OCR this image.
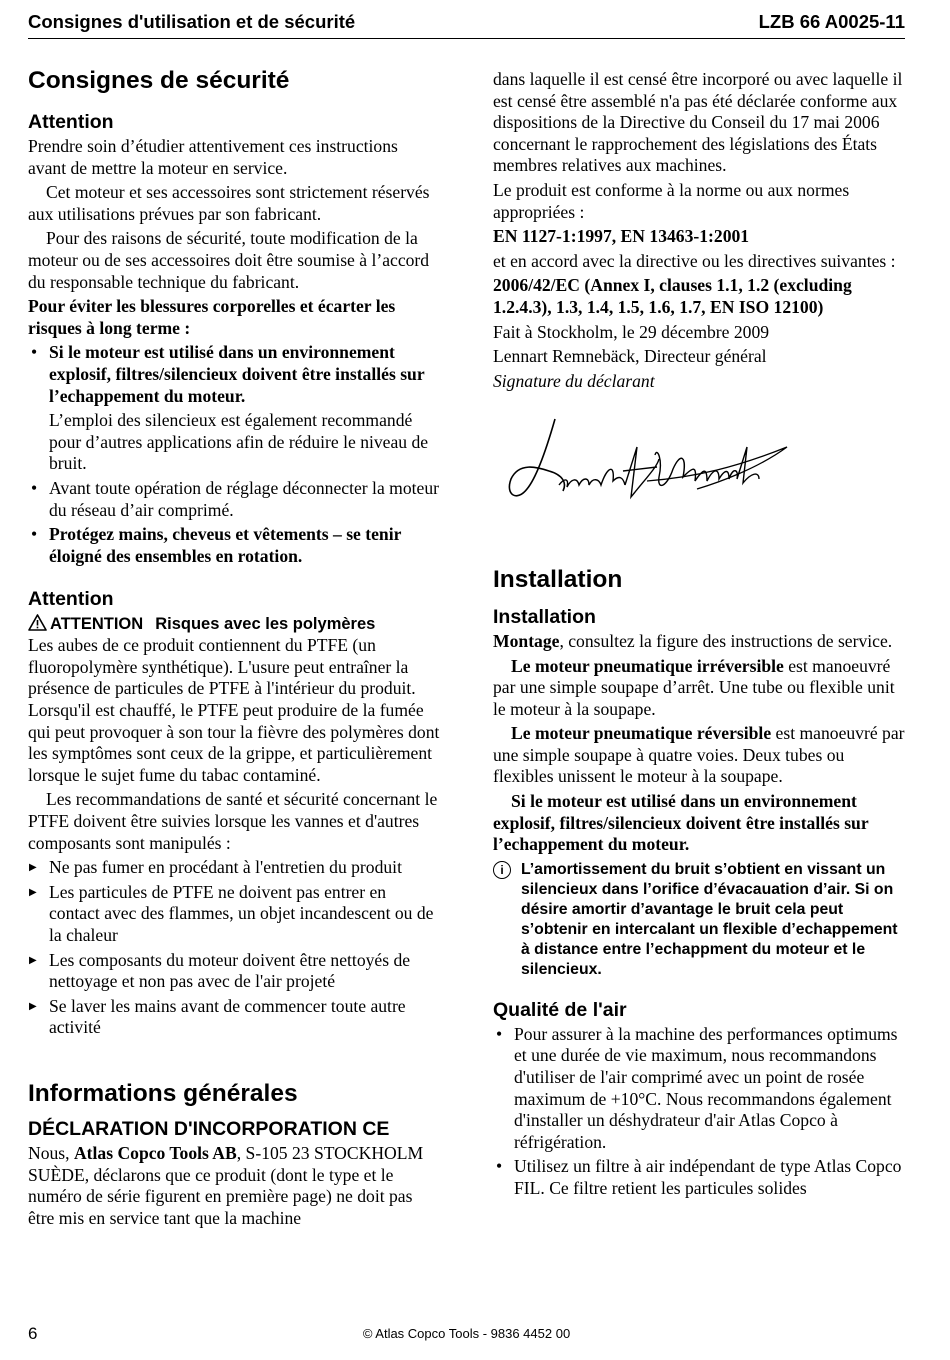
Consignes d'utilisation et de sécurité	LZB 66 A0025-11
Consignes de sécurité
Attention

Prendre soin d’étudier attentivement ces instructions avant de mettre la moteur en service.

Cet moteur et ses accessoires sont strictement réservés aux utilisations prévues par son fabricant.

Pour des raisons de sécurité, toute modification de la moteur ou de ses accessoires doit être soumise à l’accord du responsable technique du fabricant.

Pour éviter les blessures corporelles et écarter les risques à long terme :

• Si le moteur est utilisé dans un environnement explosif, filtres/silencieux doivent être installés sur l’echappement du moteur.

L’emploi des silencieux est également recommandé pour d’autres applications afin de réduire le niveau de bruit.

• Avant toute opération de réglage déconnecter la moteur du réseau d’air comprimé.
• Protégez mains, cheveus et vêtements – se tenir éloigné des ensembles en rotation.
Attention

ATTENTION Risques avec les polymères

Les aubes de ce produit contiennent du PTFE (un fluoropolymère synthétique). L'usure peut entraîner la présence de particules de PTFE à l'intérieur du produit. Lorsqu'il est chauffé, le PTFE peut produire de la fumée qui peut provoquer à son tour la fièvre des polymères dont les symptômes sont ceux de la grippe, et particulièrement lorsque le sujet fume du tabac contaminé.

Les recommandations de santé et sécurité concernant le PTFE doivent être suivies lorsque les vannes et d'autres composants sont manipulés :

▶ Ne pas fumer en procédant à l'entretien du produit
▶ Les particules de PTFE ne doivent pas entrer en contact avec des flammes, un objet incandescent ou de la chaleur
▶ Les composants du moteur doivent être nettoyés de nettoyage et non pas avec de l'air projeté
▶ Se laver les mains avant de commencer toute autre activité
Informations générales
DÉCLARATION D'INCORPORATION CE

Nous, Atlas Copco Tools AB, S-105 23 STOCKHOLM SUÈDE, déclarons que ce produit (dont le type et le numéro de série figurent en première page) ne doit pas être mis en service tant que la machine

dans laquelle il est censé être incorporé ou avec laquelle il est censé être assemblé n'a pas été déclarée conforme aux dispositions de la Directive du Conseil du 17 mai 2006 concernant le rapprochement des législations des États membres relatives aux machines.

Le produit est conforme à la norme ou aux normes appropriées :

EN 1127-1:1997, EN 13463-1:2001

et en accord avec la directive ou les directives suivantes :

2006/42/EC (Annex I, clauses 1.1, 1.2 (excluding 1.2.4.3), 1.3, 1.4, 1.5, 1.6, 1.7, EN ISO 12100)

Fait à Stockholm, le 29 décembre 2009

Lennart Remnebäck, Directeur général

Signature du déclarant

Installation
Installation

Montage, consultez la figure des instructions de service.

Le moteur pneumatique irréversible est manoeuvré par une simple soupape d’arrêt. Une tube ou flexible unit le moteur à la soupape.

Le moteur pneumatique réversible est manoeuvré par une simple soupape à quatre voies. Deux tubes ou flexibles unissent le moteur à la soupape.

Si le moteur est utilisé dans un environnement explosif, filtres/silencieux doivent être installés sur l’echappement du moteur.

i	L’amortissement du bruit s’obtient en vissant un silencieux dans l’orifice d’évacauation d’air. Si on désire amortir d’avantage le bruit cela peut s’obtenir en intercalant un flexible d’echappement à distance entre l’echappment du moteur et le silencieux.
Qualité de l'air
• Pour assurer à la machine des performances optimums et une durée de vie maximum, nous recommandons d'utiliser de l'air comprimé avec un point de rosée maximum de +10°C. Nous recommandons également d'installer un déshydrateur d'air Atlas Copco à réfrigération.
• Utilisez un filtre à air indépendant de type Atlas Copco FIL. Ce filtre retient les particules solides
6	© Atlas Copco Tools - 9836 4452 00
